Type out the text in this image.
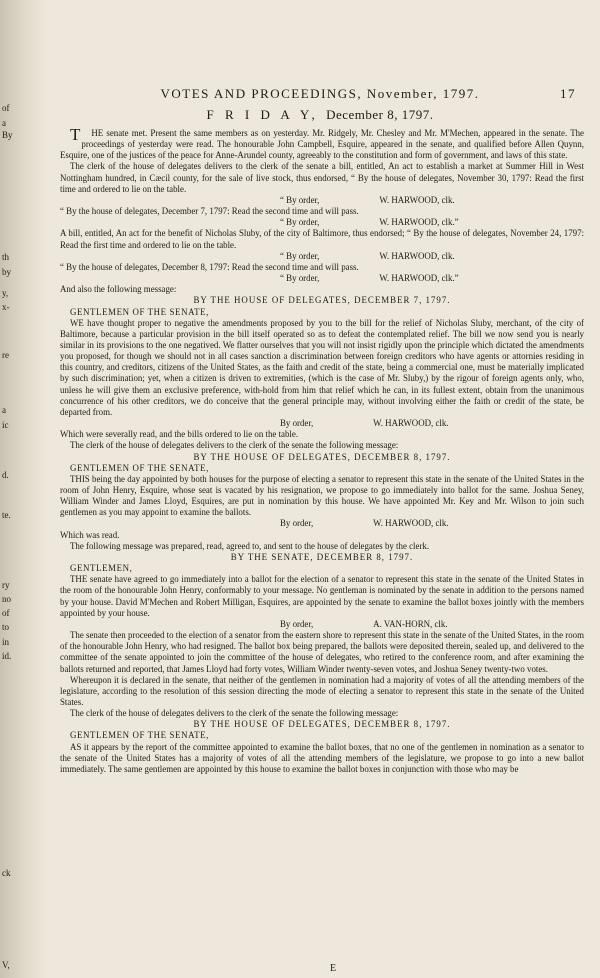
of
a
By
th
by
y,
x-
re
a
ic
d.
te.
ry
no
of
to
in
id.
ck
V,
VOTES AND PROCEEDINGS, November, 1797.	17
F R I D A Y, December 8, 1797.

THE senate met. Present the same members as on yesterday. Mr. Ridgely, Mr. Chesley and Mr. M'Mechen, appeared in the senate. The proceedings of yesterday were read. The honourable John Campbell, Esquire, appeared in the senate, and qualified before Allen Quynn, Esquire, one of the justices of the peace for Anne-Arundel county, agreeably to the constitution and form of government, and laws of this state.

The clerk of the house of delegates delivers to the clerk of the senate a bill, entitled, An act to establish a market at Summer Hill in West Nottingham hundred, in Cæcil county, for the sale of live stock, thus endorsed, “ By the house of delegates, November 30, 1797: Read the first time and ordered to lie on the table.

“ By order,	W. HARWOOD, clk.

“ By the house of delegates, December 7, 1797: Read the second time and will pass.

“ By order,	W. HARWOOD, clk.”

A bill, entitled, An act for the benefit of Nicholas Sluby, of the city of Baltimore, thus endorsed; “ By the house of delegates, November 24, 1797: Read the first time and ordered to lie on the table.

“ By order,	W. HARWOOD, clk.

“ By the house of delegates, December 8, 1797: Read the second time and will pass.

“ By order,	W. HARWOOD, clk.”

And also the following message:

BY THE HOUSE OF DELEGATES, DECEMBER 7, 1797.

GENTLEMEN OF THE SENATE,

WE have thought proper to negative the amendments proposed by you to the bill for the relief of Nicholas Sluby, merchant, of the city of Baltimore, because a particular provision in the bill itself operated so as to defeat the contemplated relief. The bill we now send you is nearly similar in its provisions to the one negatived. We flatter ourselves that you will not insist rigidly upon the principle which dictated the amendments you proposed, for though we should not in all cases sanction a discrimination between foreign creditors who have agents or attornies residing in this country, and creditors, citizens of the United States, as the faith and credit of the state, being a commercial one, must be materially implicated by such discrimination; yet, when a citizen is driven to extremities, (which is the case of Mr. Sluby,) by the rigour of foreign agents only, who, unless he will give them an exclusive preference, with-hold from him that relief which he can, in its fullest extent, obtain from the unanimous concurrence of his other creditors, we do conceive that the general principle may, without involving either the faith or credit of the state, be departed from.

By order,	W. HARWOOD, clk.

Which were severally read, and the bills ordered to lie on the table.

The clerk of the house of delegates delivers to the clerk of the senate the following message:

BY THE HOUSE OF DELEGATES, DECEMBER 8, 1797.

GENTLEMEN OF THE SENATE,

THIS being the day appointed by both houses for the purpose of electing a senator to represent this state in the senate of the United States in the room of John Henry, Esquire, whose seat is vacated by his resignation, we propose to go immediately into ballot for the same. Joshua Seney, William Winder and James Lloyd, Esquires, are put in nomination by this house. We have appointed Mr. Key and Mr. Wilson to join such gentlemen as you may appoint to examine the ballots.

By order,	W. HARWOOD, clk.

Which was read.

The following message was prepared, read, agreed to, and sent to the house of delegates by the clerk.

BY THE SENATE, DECEMBER 8, 1797.

GENTLEMEN,

THE senate have agreed to go immediately into a ballot for the election of a senator to represent this state in the senate of the United States in the room of the honourable John Henry, conformably to your message. No gentleman is nominated by the senate in addition to the persons named by your house. David M'Mechen and Robert Milligan, Esquires, are appointed by the senate to examine the ballot boxes jointly with the members appointed by your house.

By order,	A. VAN-HORN, clk.

The senate then proceeded to the election of a senator from the eastern shore to represent this state in the senate of the United States, in the room of the honourable John Henry, who had resigned. The ballot box being prepared, the ballots were deposited therein, sealed up, and delivered to the committee of the senate appointed to join the committee of the house of delegates, who retired to the conference room, and after examining the ballots returned and reported, that James Lloyd had forty votes, William Winder twenty-seven votes, and Joshua Seney twenty-two votes.

Whereupon it is declared in the senate, that neither of the gentlemen in nomination had a majority of votes of all the attending members of the legislature, according to the resolution of this session directing the mode of electing a senator to represent this state in the senate of the United States.

The clerk of the house of delegates delivers to the clerk of the senate the following message:

BY THE HOUSE OF DELEGATES, DECEMBER 8, 1797.

GENTLEMEN OF THE SENATE,

AS it appears by the report of the committee appointed to examine the ballot boxes, that no one of the gentlemen in nomination as a senator to the senate of the United States has a majority of votes of all the attending members of the legislature, we propose to go into a new ballot immediately. The same gentlemen are appointed by this house to examine the ballot boxes in conjunction with those who may be

E
